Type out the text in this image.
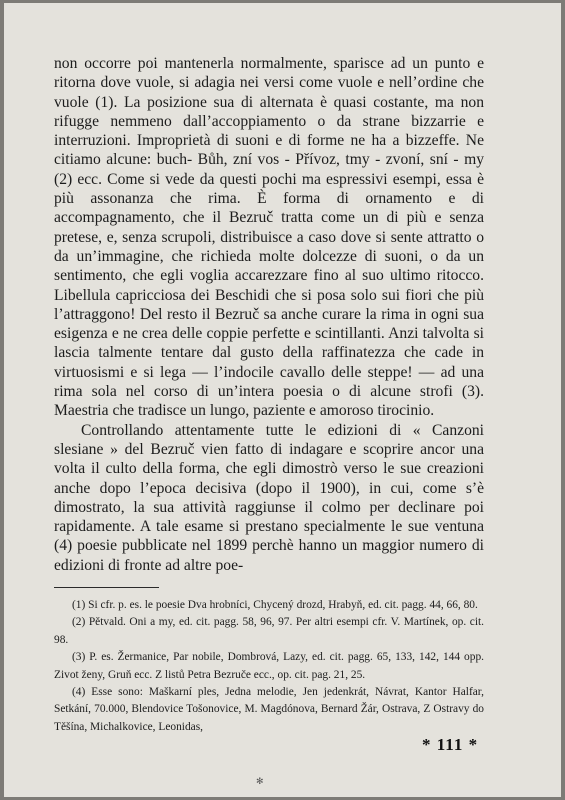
non occorre poi mantenerla normalmente, sparisce ad un punto e ritorna dove vuole, si adagia nei versi come vuole e nell’ordine che vuole (1). La posizione sua di alternata è quasi costante, ma non rifugge nemmeno dall’accoppiamento o da strane bizzarrie e interruzioni. Improprietà di suoni e di forme ne ha a bizzeffe. Ne citiamo alcune: buch- Bůh, zní vos - Přívoz, tmy - zvoní, sní - my (2) ecc. Come si vede da questi pochi ma espressivi esempi, essa è più assonanza che rima. È forma di ornamento e di accompagnamento, che il Bezruč tratta come un di più e senza pretese, e, senza scrupoli, distribuisce a caso dove si sente attratto o da un’immagine, che richieda molte dolcezze di suoni, o da un sentimento, che egli voglia accarezzare fino al suo ultimo ritocco. Libellula capricciosa dei Beschidi che si posa solo sui fiori che più l’attraggono! Del resto il Bezruč sa anche curare la rima in ogni sua esigenza e ne crea delle coppie perfette e scintillanti. Anzi talvolta si lascia talmente tentare dal gusto della raffinatezza che cade in virtuosismi e si lega — l’indocile cavallo delle steppe! — ad una rima sola nel corso di un’intera poesia o di alcune strofi (3). Maestria che tradisce un lungo, paziente e amoroso tirocinio.

Controllando attentamente tutte le edizioni di « Canzoni slesiane » del Bezruč vien fatto di indagare e scoprire ancor una volta il culto della forma, che egli dimostrò verso le sue creazioni anche dopo l’epoca decisiva (dopo il 1900), in cui, come s’è dimostrato, la sua attività raggiunse il colmo per declinare poi rapidamente. A tale esame si prestano specialmente le sue ventuna (4) poesie pubblicate nel 1899 perchè hanno un maggior numero di edizioni di fronte ad altre poe-

(1) Si cfr. p. es. le poesie Dva hrobníci, Chycený drozd, Hrabyň, ed. cit. pagg. 44, 66, 80.

(2) Pětvald. Oni a my, ed. cit. pagg. 58, 96, 97. Per altri esempi cfr. V. Martínek, op. cit. 98.

(3) P. es. Žermanice, Par nobile, Dombrová, Lazy, ed. cit. pagg. 65, 133, 142, 144 opp. Zivot ženy, Gruň ecc. Z listů Petra Bezruče ecc., op. cit. pag. 21, 25.

(4) Esse sono: Maškarní ples, Jedna melodie, Jen jedenkrát, Návrat, Kantor Halfar, Setkání, 70.000, Blendovice Tošonovice, M. Magdónova, Bernard Žár, Ostrava, Z Ostravy do Těšína, Michalkovice, Leonidas,

* 111 *
✻
